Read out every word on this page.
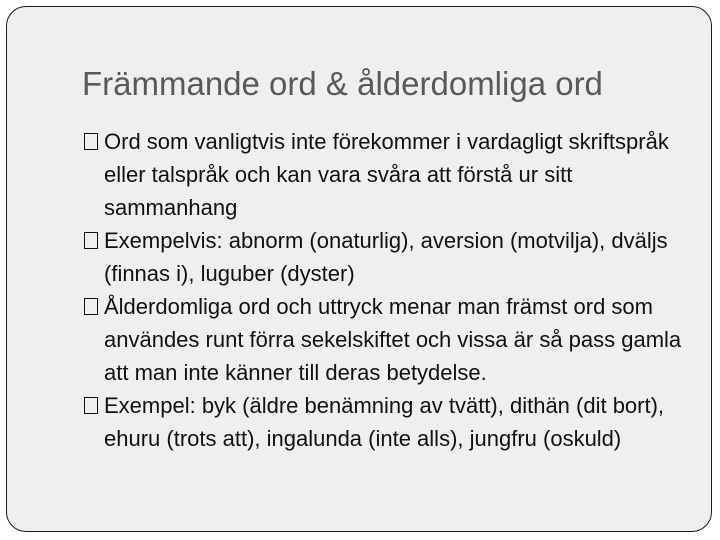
Främmande ord & ålderdomliga ord
Ord som vanligtvis inte förekommer i vardagligt skriftspråk eller talspråk och kan vara svåra att förstå ur sitt sammanhang
Exempelvis: abnorm (onaturlig), aversion (motvilja), dväljs (finnas i), luguber (dyster)
Ålderdomliga ord och uttryck menar man främst ord som användes runt förra sekelskiftet och vissa är så pass gamla att man inte känner till deras betydelse.
Exempel: byk (äldre benämning av tvätt), dithän (dit bort), ehuru (trots att), ingalunda (inte alls), jungfru (oskuld)
